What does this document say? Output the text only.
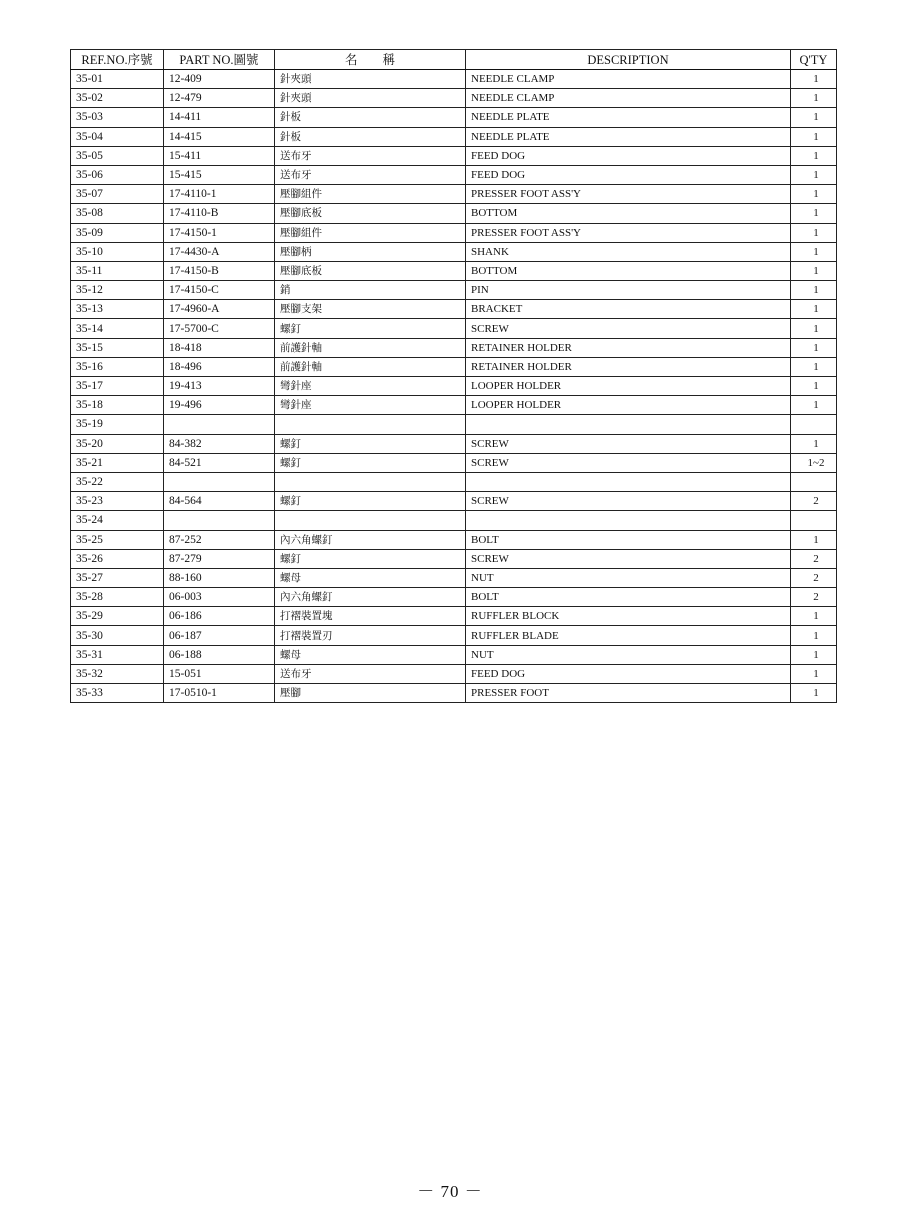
REF.NO.序號	PART NO.圖號	名　　稱	DESCRIPTION	Q'TY
35-01	12-409	針夾頭	NEEDLE CLAMP	1
35-02	12-479	針夾頭	NEEDLE CLAMP	1
35-03	14-411	針板	NEEDLE PLATE	1
35-04	14-415	針板	NEEDLE PLATE	1
35-05	15-411	送布牙	FEED DOG	1
35-06	15-415	送布牙	FEED DOG	1
35-07	17-4110-1	壓腳組件	PRESSER FOOT ASS'Y	1
35-08	17-4110-B	壓腳底板	BOTTOM	1
35-09	17-4150-1	壓腳組件	PRESSER FOOT ASS'Y	1
35-10	17-4430-A	壓腳柄	SHANK	1
35-11	17-4150-B	壓腳底板	BOTTOM	1
35-12	17-4150-C	銷	PIN	1
35-13	17-4960-A	壓腳支架	BRACKET	1
35-14	17-5700-C	螺釘	SCREW	1
35-15	18-418	前護針軸	RETAINER HOLDER	1
35-16	18-496	前護針軸	RETAINER HOLDER	1
35-17	19-413	彎針座	LOOPER HOLDER	1
35-18	19-496	彎針座	LOOPER HOLDER	1
35-19				
35-20	84-382	螺釘	SCREW	1
35-21	84-521	螺釘	SCREW	1~2
35-22				
35-23	84-564	螺釘	SCREW	2
35-24				
35-25	87-252	內六角螺釘	BOLT	1
35-26	87-279	螺釘	SCREW	2
35-27	88-160	螺母	NUT	2
35-28	06-003	內六角螺釘	BOLT	2
35-29	06-186	打褶裝置塊	RUFFLER BLOCK	1
35-30	06-187	打褶裝置刃	RUFFLER BLADE	1
35-31	06-188	螺母	NUT	1
35-32	15-051	送布牙	FEED DOG	1
35-33	17-0510-1	壓腳	PRESSER FOOT	1
－ 70 －
